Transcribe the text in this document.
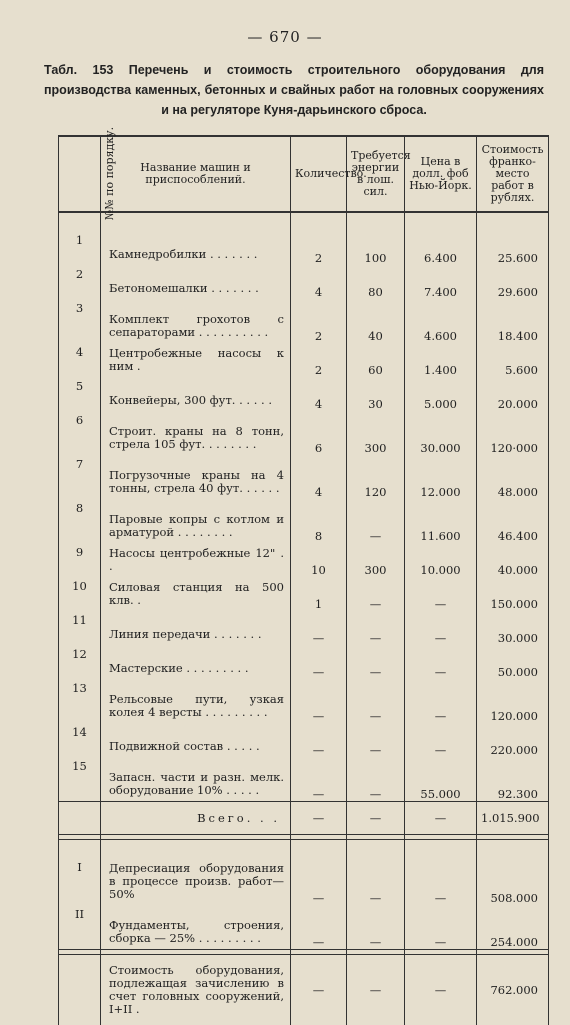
— 670 —
Табл. 153 Перечень и стоимость строительного оборудования для производства каменных, бетонных и свайных работ на головных сооружениях и на регуляторе Куня-дарьинского сброса.
№№ по порядку.	Название машин и приспособлений.	Количество.	Требуется энергии в лош. сил.	Цена в долл. фоб Нью-Йорк.	Стоимость франко-место работ в рублях.

1	Камнедробилки . . . . . . .	2	100	6.400	25.600
2	Бетономешалки . . . . . . .	4	80	7.400	29.600
3	Комплект грохотов с сепараторами . . . . . . . . . .	2	40	4.600	18.400
4	Центробежные насосы к ним .	2	60	1.400	5.600
5	Конвейеры, 300 фут. . . . . .	4	30	5.000	20.000
6	Строит. краны на 8 тонн, стрела 105 фут. . . . . . . .	6	300	30.000	120·000
7	Погрузочные краны на 4 тонны, стрела 40 фут. . . . . .	4	120	12.000	48.000
8	Паровые копры с котлом и арматурой . . . . . . . .	8	—	11.600	46.400
9	Насосы центробежные 12" . .	10	300	10.000	40.000
10	Силовая станция на 500 клв. .	1	—	—	150.000
11	Линия передачи . . . . . . .	—	—	—	30.000
12	Мастерские . . . . . . . . .	—	—	—	50.000
13	Рельсовые пути, узкая колея 4 версты . . . . . . . . .	—	—	—	120.000
14	Подвижной состав . . . . .	—	—	—	220.000
15	Запасн. части и разн. мелк. оборудование 10% . . . . .	—	—	55.000	92.300
	Всего. . .	—	—	—	1.015.900

I	Депресиация оборудования в процессе произв. работ—50%	—	—	—	508.000
II	Фундаменты, строения, сборка — 25% . . . . . . . . .	—	—	—	254.000

	Стоимость оборудования, подлежащая зачислению в счет головных сооружений, I+II .	—	—	—	762.000
